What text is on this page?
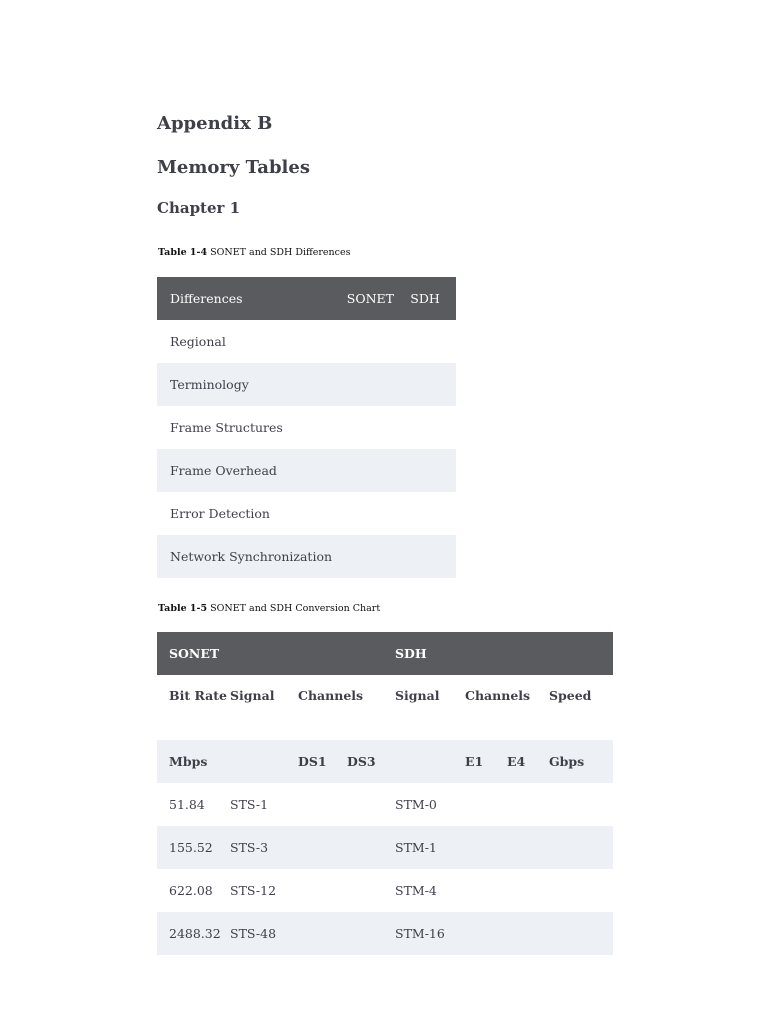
Appendix B
Memory Tables
Chapter 1
Table 1-4 SONET and SDH Differences
Differences	SONET	SDH
Regional		
Terminology		
Frame Structures		
Frame Overhead		
Error Detection		
Network Synchronization		
Table 1-5 SONET and SDH Conversion Chart
SONET				SDH			
Bit Rate	Signal	Channels		Signal	Channels		Speed
Mbps		DS1	DS3		E1	E4	Gbps
51.84	STS-1			STM-0			
155.52	STS-3			STM-1			
622.08	STS-12			STM-4			
2488.32	STS-48			STM-16			
